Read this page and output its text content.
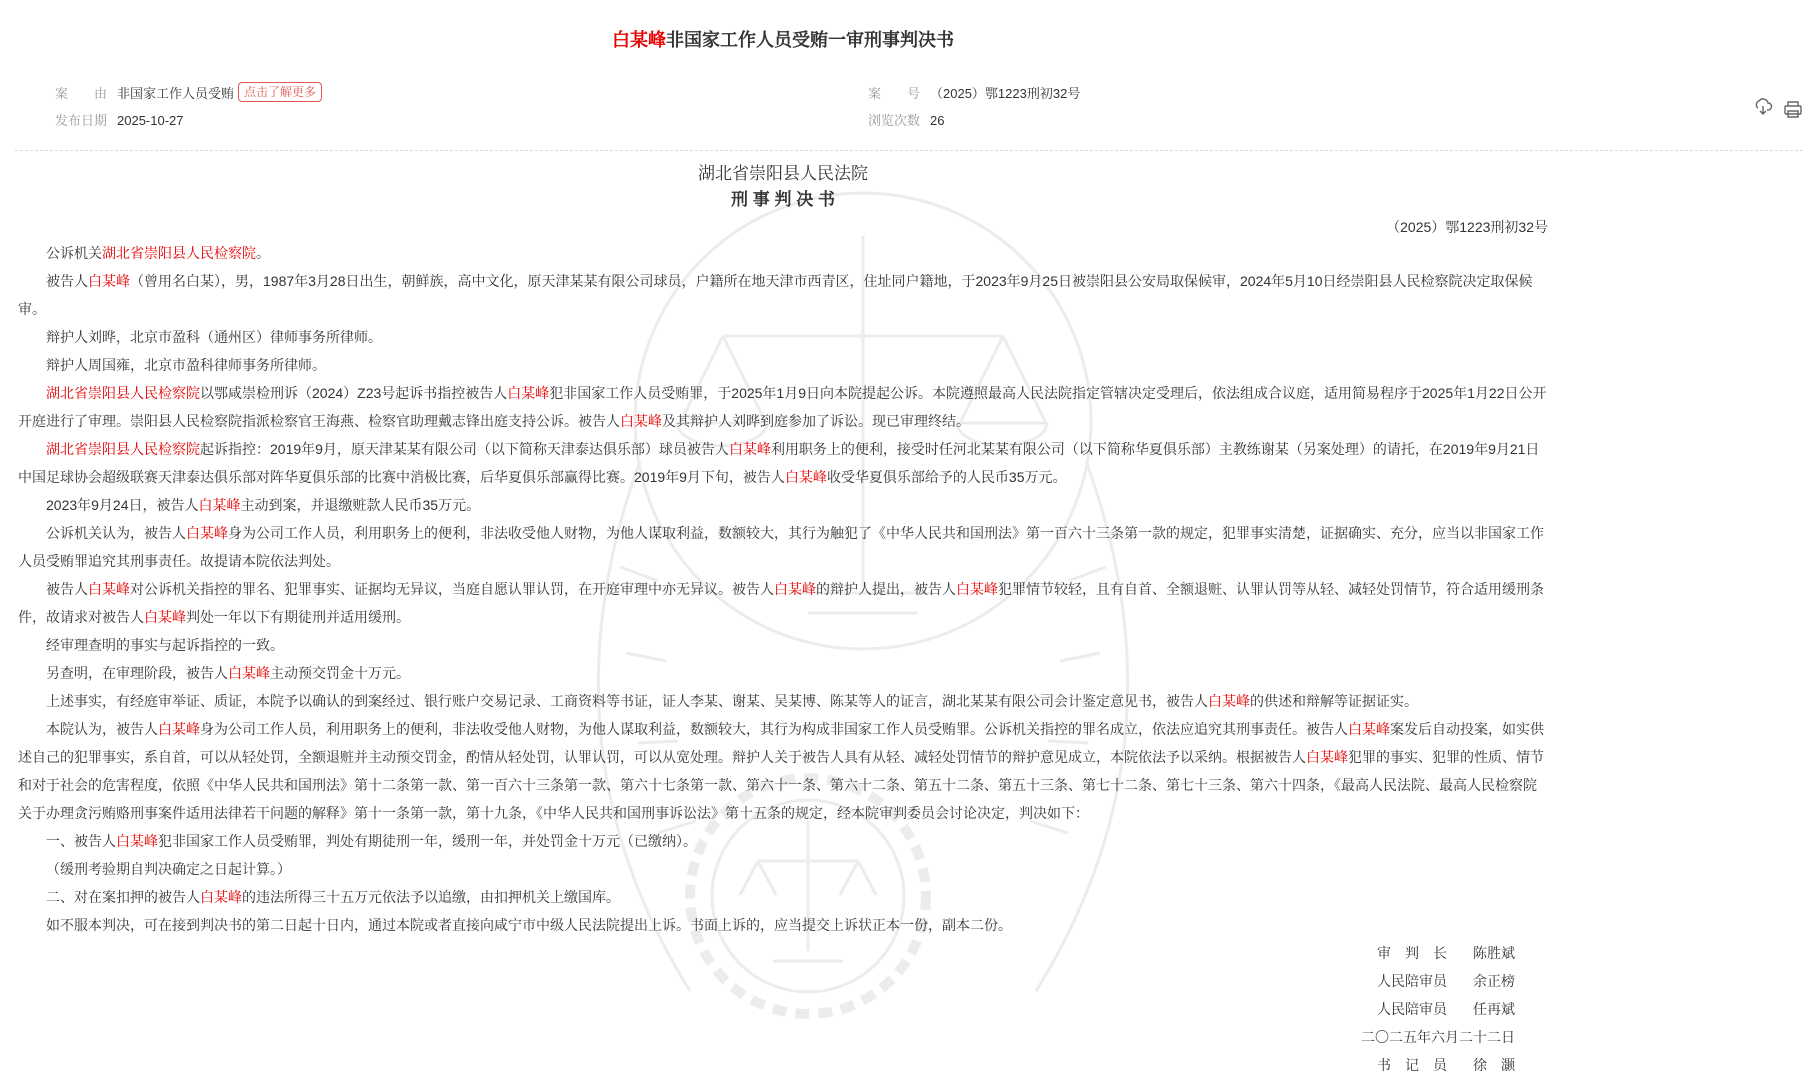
白某峰非国家工作人员受贿一审刑事判决书
案　　由 非国家工作人员受贿 点击了解更多	案　　号 （2025）鄂1223刑初32号
发布日期 2025-10-27	浏览次数 26
湖北省崇阳县人民法院
刑 事 判 决 书
（2025）鄂1223刑初32号

公诉机关湖北省崇阳县人民检察院。

被告人白某峰（曾用名白某），男，1987年3月28日出生，朝鲜族，高中文化，原天津某某有限公司球员，户籍所在地天津市西青区，住址同户籍地，于2023年9月25日被崇阳县公安局取保候审，2024年5月10日经崇阳县人民检察院决定取保候审。

辩护人刘晔，北京市盈科（通州区）律师事务所律师。

辩护人周国雍，北京市盈科律师事务所律师。

湖北省崇阳县人民检察院以鄂咸崇检刑诉（2024）Z23号起诉书指控被告人白某峰犯非国家工作人员受贿罪，于2025年1月9日向本院提起公诉。本院遵照最高人民法院指定管辖决定受理后，依法组成合议庭，适用简易程序于2025年1月22日公开开庭进行了审理。崇阳县人民检察院指派检察官王海燕、检察官助理戴志锋出庭支持公诉。被告人白某峰及其辩护人刘晔到庭参加了诉讼。现已审理终结。

湖北省崇阳县人民检察院起诉指控：2019年9月，原天津某某有限公司（以下简称天津泰达俱乐部）球员被告人白某峰利用职务上的便利，接受时任河北某某有限公司（以下简称华夏俱乐部）主教练谢某（另案处理）的请托，在2019年9月21日中国足球协会超级联赛天津泰达俱乐部对阵华夏俱乐部的比赛中消极比赛，后华夏俱乐部赢得比赛。2019年9月下旬，被告人白某峰收受华夏俱乐部给予的人民币35万元。

2023年9月24日，被告人白某峰主动到案，并退缴赃款人民币35万元。

公诉机关认为，被告人白某峰身为公司工作人员，利用职务上的便利，非法收受他人财物，为他人谋取利益，数额较大，其行为触犯了《中华人民共和国刑法》第一百六十三条第一款的规定，犯罪事实清楚，证据确实、充分，应当以非国家工作人员受贿罪追究其刑事责任。故提请本院依法判处。

被告人白某峰对公诉机关指控的罪名、犯罪事实、证据均无异议，当庭自愿认罪认罚，在开庭审理中亦无异议。被告人白某峰的辩护人提出，被告人白某峰犯罪情节较轻，且有自首、全额退赃、认罪认罚等从轻、减轻处罚情节，符合适用缓刑条件，故请求对被告人白某峰判处一年以下有期徒刑并适用缓刑。

经审理查明的事实与起诉指控的一致。

另查明，在审理阶段，被告人白某峰主动预交罚金十万元。

上述事实，有经庭审举证、质证，本院予以确认的到案经过、银行账户交易记录、工商资料等书证，证人李某、谢某、吴某博、陈某等人的证言，湖北某某有限公司会计鉴定意见书，被告人白某峰的供述和辩解等证据证实。

本院认为，被告人白某峰身为公司工作人员，利用职务上的便利，非法收受他人财物，为他人谋取利益，数额较大，其行为构成非国家工作人员受贿罪。公诉机关指控的罪名成立，依法应追究其刑事责任。被告人白某峰案发后自动投案，如实供述自己的犯罪事实，系自首，可以从轻处罚，全额退赃并主动预交罚金，酌情从轻处罚，认罪认罚，可以从宽处理。辩护人关于被告人具有从轻、减轻处罚情节的辩护意见成立，本院依法予以采纳。根据被告人白某峰犯罪的事实、犯罪的性质、情节和对于社会的危害程度，依照《中华人民共和国刑法》第十二条第一款、第一百六十三条第一款、第六十七条第一款、第六十一条、第六十二条、第五十二条、第五十三条、第七十二条、第七十三条、第六十四条，《最高人民法院、最高人民检察院关于办理贪污贿赂刑事案件适用法律若干问题的解释》第十一条第一款，第十九条，《中华人民共和国刑事诉讼法》第十五条的规定，经本院审判委员会讨论决定，判决如下：

一、被告人白某峰犯非国家工作人员受贿罪，判处有期徒刑一年，缓刑一年，并处罚金十万元（已缴纳）。

（缓刑考验期自判决确定之日起计算。）

二、对在案扣押的被告人白某峰的违法所得三十五万元依法予以追缴，由扣押机关上缴国库。

如不服本判决，可在接到判决书的第二日起十日内，通过本院或者直接向咸宁市中级人民法院提出上诉。书面上诉的，应当提交上诉状正本一份，副本二份。

审　判　长 陈胜斌
人民陪审员 余正榜
人民陪审员 任再斌
二〇二五年六月二十二日
书　记　员 徐　灏
